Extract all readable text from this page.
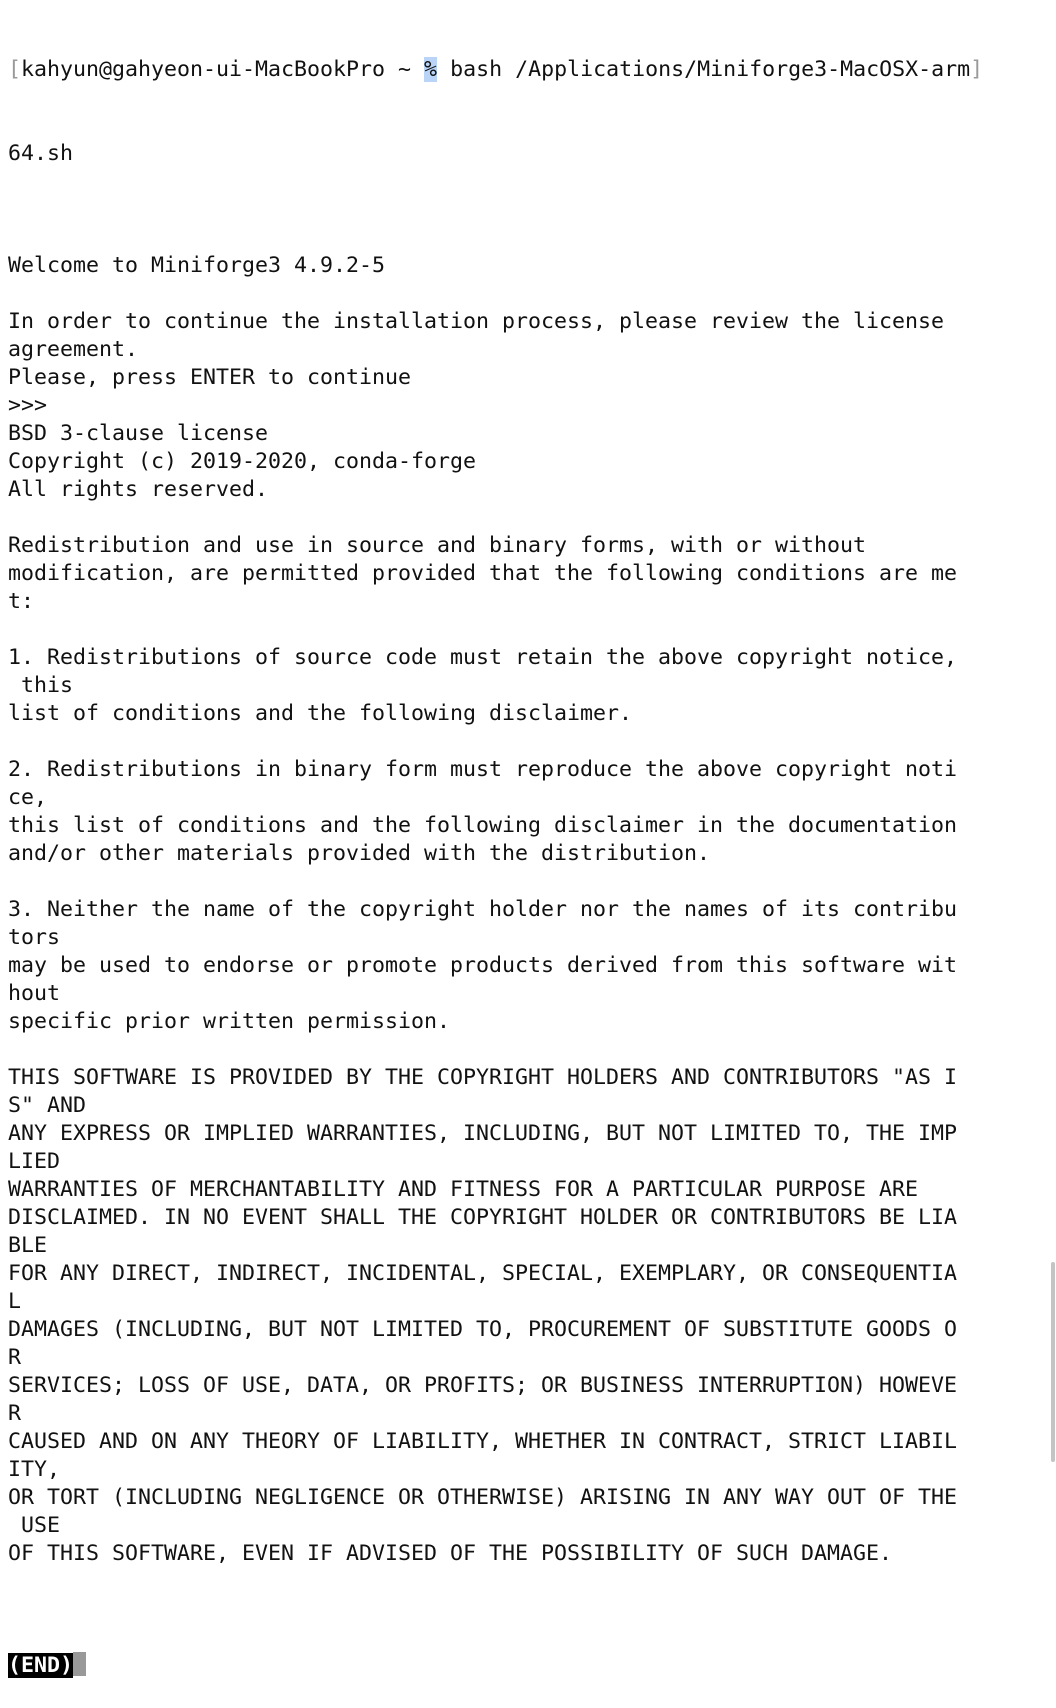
[kahyun@gahyeon-ui-MacBookPro ~ % bash /Applications/Miniforge3-MacOSX-arm]

64.sh

Welcome to Miniforge3 4.9.2-5
In order to continue the installation process, please review the license
agreement.
Please, press ENTER to continue
>>>
BSD 3-clause license
Copyright (c) 2019-2020, conda-forge
All rights reserved.
Redistribution and use in source and binary forms, with or without
modification, are permitted provided that the following conditions are me
t:
1. Redistributions of source code must retain the above copyright notice,
this
list of conditions and the following disclaimer.
2. Redistributions in binary form must reproduce the above copyright noti
ce,
this list of conditions and the following disclaimer in the documentation
and/or other materials provided with the distribution.
3. Neither the name of the copyright holder nor the names of its contribu
tors
may be used to endorse or promote products derived from this software wit
hout
specific prior written permission.
THIS SOFTWARE IS PROVIDED BY THE COPYRIGHT HOLDERS AND CONTRIBUTORS "AS I
S" AND
ANY EXPRESS OR IMPLIED WARRANTIES, INCLUDING, BUT NOT LIMITED TO, THE IMP
LIED
WARRANTIES OF MERCHANTABILITY AND FITNESS FOR A PARTICULAR PURPOSE ARE
DISCLAIMED. IN NO EVENT SHALL THE COPYRIGHT HOLDER OR CONTRIBUTORS BE LIA
BLE
FOR ANY DIRECT, INDIRECT, INCIDENTAL, SPECIAL, EXEMPLARY, OR CONSEQUENTIA
L
DAMAGES (INCLUDING, BUT NOT LIMITED TO, PROCUREMENT OF SUBSTITUTE GOODS O
R
SERVICES; LOSS OF USE, DATA, OR PROFITS; OR BUSINESS INTERRUPTION) HOWEVE
R
CAUSED AND ON ANY THEORY OF LIABILITY, WHETHER IN CONTRACT, STRICT LIABIL
ITY,
OR TORT (INCLUDING NEGLIGENCE OR OTHERWISE) ARISING IN ANY WAY OUT OF THE
USE
OF THIS SOFTWARE, EVEN IF ADVISED OF THE POSSIBILITY OF SUCH DAMAGE.

(END)
